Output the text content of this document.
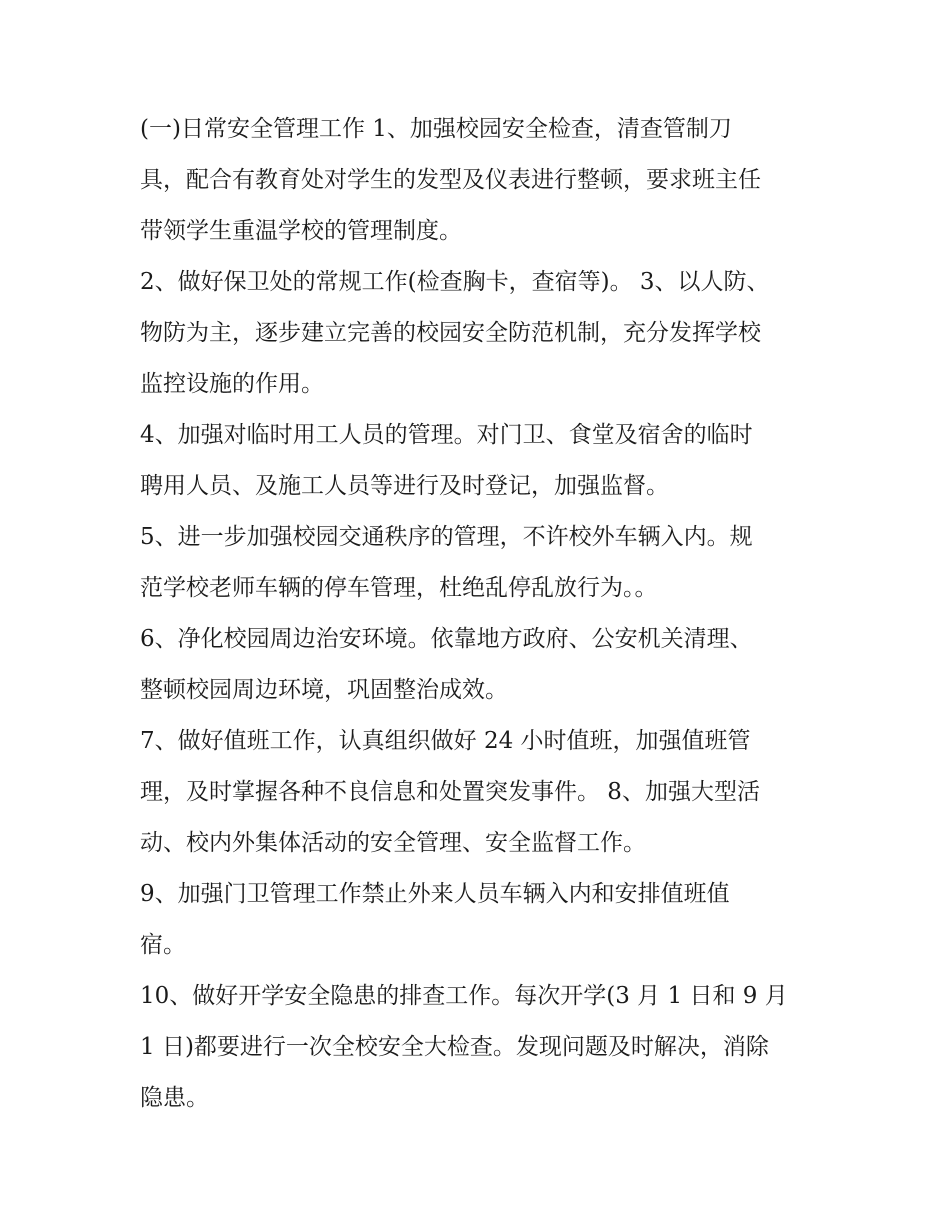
(一)日常安全管理工作 1、加强校园安全检查，清查管制刀
具，配合有教育处对学生的发型及仪表进行整顿，要求班主任
带领学生重温学校的管理制度。
2、做好保卫处的常规工作(检查胸卡，查宿等)。 3、以人防、
物防为主，逐步建立完善的校园安全防范机制，充分发挥学校
监控设施的作用。
4、加强对临时用工人员的管理。对门卫、食堂及宿舍的临时
聘用人员、及施工人员等进行及时登记，加强监督。
5、进一步加强校园交通秩序的管理，不许校外车辆入内。规
范学校老师车辆的停车管理，杜绝乱停乱放行为。。
6、净化校园周边治安环境。依靠地方政府、公安机关清理、
整顿校园周边环境，巩固整治成效。
7、做好值班工作，认真组织做好 24 小时值班，加强值班管
理，及时掌握各种不良信息和处置突发事件。 8、加强大型活
动、校内外集体活动的安全管理、安全监督工作。
9、加强门卫管理工作禁止外来人员车辆入内和安排值班值
宿。
10、做好开学安全隐患的排查工作。每次开学(3 月 1 日和 9 月
1 日)都要进行一次全校安全大检查。发现问题及时解决，消除
隐患。
